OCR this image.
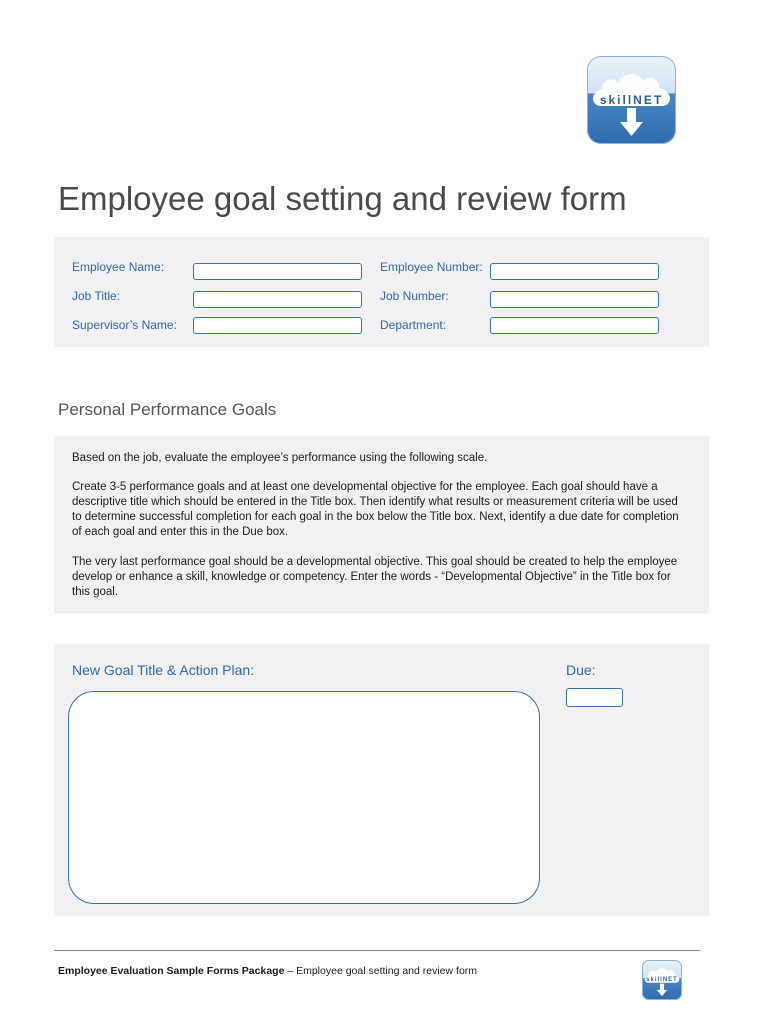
skillNET
Employee goal setting and review form
Employee Name:	Employee Number:
Job Title:	Job Number:
Supervisor’s Name:	Department:
Personal Performance Goals
Based on the job, evaluate the employee’s performance using the following scale.
Create 3-5 performance goals and at least one developmental objective for the employee. Each goal should have a descriptive title which should be entered in the Title box. Then identify what results or measurement criteria will be used to determine successful completion for each goal in the box below the Title box. Next, identify a due date for completion of each goal and enter this in the Due box.
The very last performance goal should be a developmental objective. This goal should be created to help the employee develop or enhance a skill, knowledge or competency. Enter the words - “Developmental Objective” in the Title box for this goal.
New Goal Title & Action Plan:	Due:
Employee Evaluation Sample Forms Package – Employee goal setting and review form
skillNET
